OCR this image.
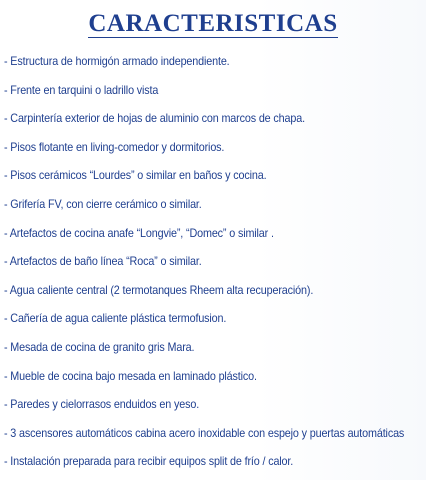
CARACTERISTICAS
- Estructura de hormigón armado independiente.
- Frente en tarquini o ladrillo vista
- Carpintería exterior de hojas de aluminio con marcos de chapa.
- Pisos flotante en living-comedor y dormitorios.
- Pisos cerámicos “Lourdes” o similar en baños y cocina.
- Grifería FV, con cierre cerámico o similar.
- Artefactos de cocina anafe “Longvie”, “Domec” o similar .
- Artefactos de baño línea “Roca” o similar.
- Agua caliente central (2 termotanques Rheem alta recuperación).
- Cañería de agua caliente plástica termofusion.
- Mesada de cocina de granito gris Mara.
- Mueble de cocina bajo mesada en laminado plástico.
- Paredes y cielorrasos enduidos en yeso.
- 3 ascensores automáticos cabina acero inoxidable con espejo y puertas automáticas
- Instalación preparada para recibir equipos split de frío / calor.
